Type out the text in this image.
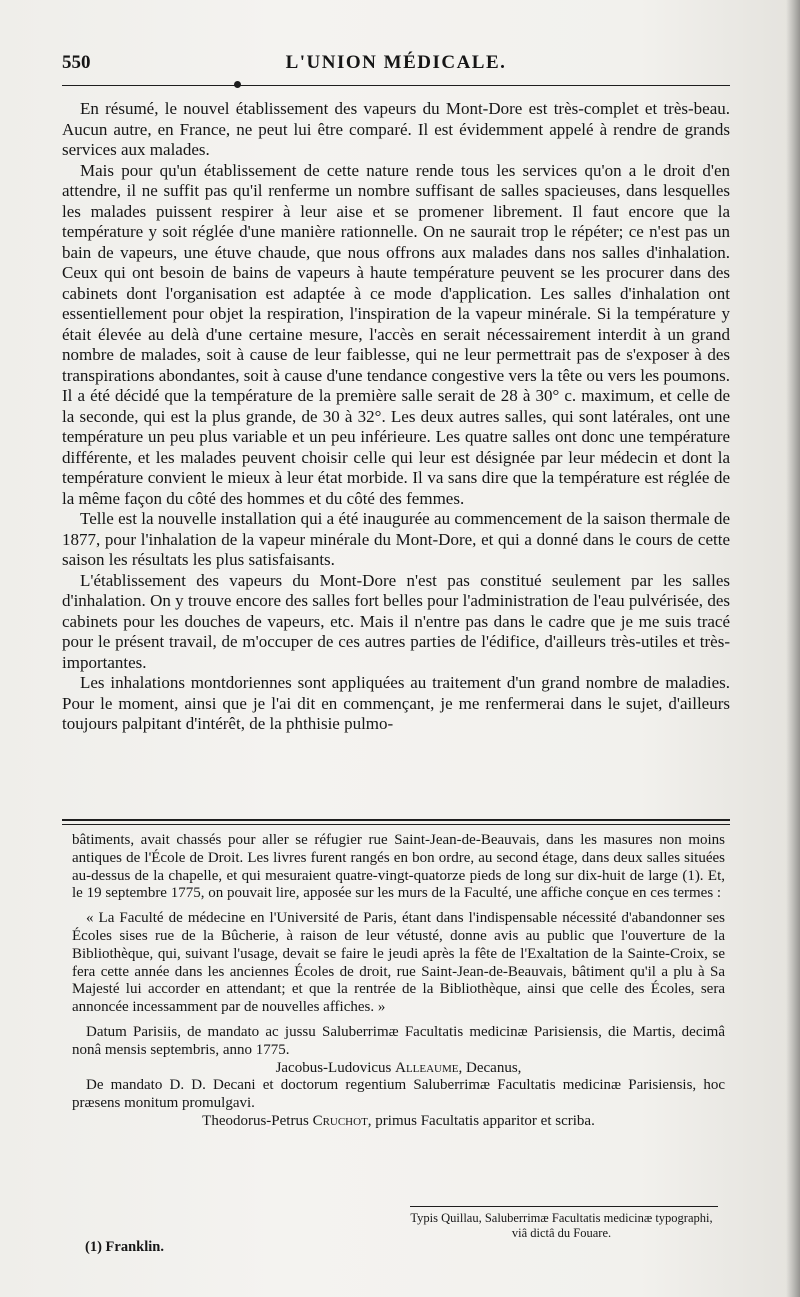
550	L'UNION MÉDICALE.

En résumé, le nouvel établissement des vapeurs du Mont-Dore est très-complet et très-beau. Aucun autre, en France, ne peut lui être comparé. Il est évidemment appelé à rendre de grands services aux malades.

Mais pour qu'un établissement de cette nature rende tous les services qu'on a le droit d'en attendre, il ne suffit pas qu'il renferme un nombre suffisant de salles spacieuses, dans lesquelles les malades puissent respirer à leur aise et se promener librement. Il faut encore que la température y soit réglée d'une manière rationnelle. On ne saurait trop le répéter; ce n'est pas un bain de vapeurs, une étuve chaude, que nous offrons aux malades dans nos salles d'inhalation. Ceux qui ont besoin de bains de vapeurs à haute température peuvent se les procurer dans des cabinets dont l'organisation est adaptée à ce mode d'application. Les salles d'inhalation ont essentiellement pour objet la respiration, l'inspiration de la vapeur minérale. Si la température y était élevée au delà d'une certaine mesure, l'accès en serait nécessairement interdit à un grand nombre de malades, soit à cause de leur faiblesse, qui ne leur permettrait pas de s'exposer à des transpirations abondantes, soit à cause d'une tendance congestive vers la tête ou vers les poumons. Il a été décidé que la température de la première salle serait de 28 à 30° c. maximum, et celle de la seconde, qui est la plus grande, de 30 à 32°. Les deux autres salles, qui sont latérales, ont une température un peu plus variable et un peu inférieure. Les quatre salles ont donc une température différente, et les malades peuvent choisir celle qui leur est désignée par leur médecin et dont la température convient le mieux à leur état morbide. Il va sans dire que la température est réglée de la même façon du côté des hommes et du côté des femmes.

Telle est la nouvelle installation qui a été inaugurée au commencement de la saison thermale de 1877, pour l'inhalation de la vapeur minérale du Mont-Dore, et qui a donné dans le cours de cette saison les résultats les plus satisfaisants.

L'établissement des vapeurs du Mont-Dore n'est pas constitué seulement par les salles d'inhalation. On y trouve encore des salles fort belles pour l'administration de l'eau pulvérisée, des cabinets pour les douches de vapeurs, etc. Mais il n'entre pas dans le cadre que je me suis tracé pour le présent travail, de m'occuper de ces autres parties de l'édifice, d'ailleurs très-utiles et très-importantes.

Les inhalations montdoriennes sont appliquées au traitement d'un grand nombre de maladies. Pour le moment, ainsi que je l'ai dit en commençant, je me renfermerai dans le sujet, d'ailleurs toujours palpitant d'intérêt, de la phthisie pulmo-

bâtiments, avait chassés pour aller se réfugier rue Saint-Jean-de-Beauvais, dans les masures non moins antiques de l'École de Droit. Les livres furent rangés en bon ordre, au second étage, dans deux salles situées au-dessus de la chapelle, et qui mesuraient quatre-vingt-quatorze pieds de long sur dix-huit de large (1). Et, le 19 septembre 1775, on pouvait lire, apposée sur les murs de la Faculté, une affiche conçue en ces termes :

« La Faculté de médecine en l'Université de Paris, étant dans l'indispensable nécessité d'abandonner ses Écoles sises rue de la Bûcherie, à raison de leur vétusté, donne avis au public que l'ouverture de la Bibliothèque, qui, suivant l'usage, devait se faire le jeudi après la fête de l'Exaltation de la Sainte-Croix, se fera cette année dans les anciennes Écoles de droit, rue Saint-Jean-de-Beauvais, bâtiment qu'il a plu à Sa Majesté lui accorder en attendant; et que la rentrée de la Bibliothèque, ainsi que celle des Écoles, sera annoncée incessamment par de nouvelles affiches. »

Datum Parisiis, de mandato ac jussu Saluberrimæ Facultatis medicinæ Parisiensis, die Martis, decimâ nonâ mensis septembris, anno 1775.

Jacobus-Ludovicus Alleaume, Decanus,

De mandato D. D. Decani et doctorum regentium Saluberrimæ Facultatis medicinæ Parisiensis, hoc præsens monitum promulgavi.

Theodorus-Petrus Cruchot, primus Facultatis apparitor et scriba.

Typis Quillau, Saluberrimæ Facultatis medicinæ typographi, viâ dictâ du Fouare.
(1) Franklin.
